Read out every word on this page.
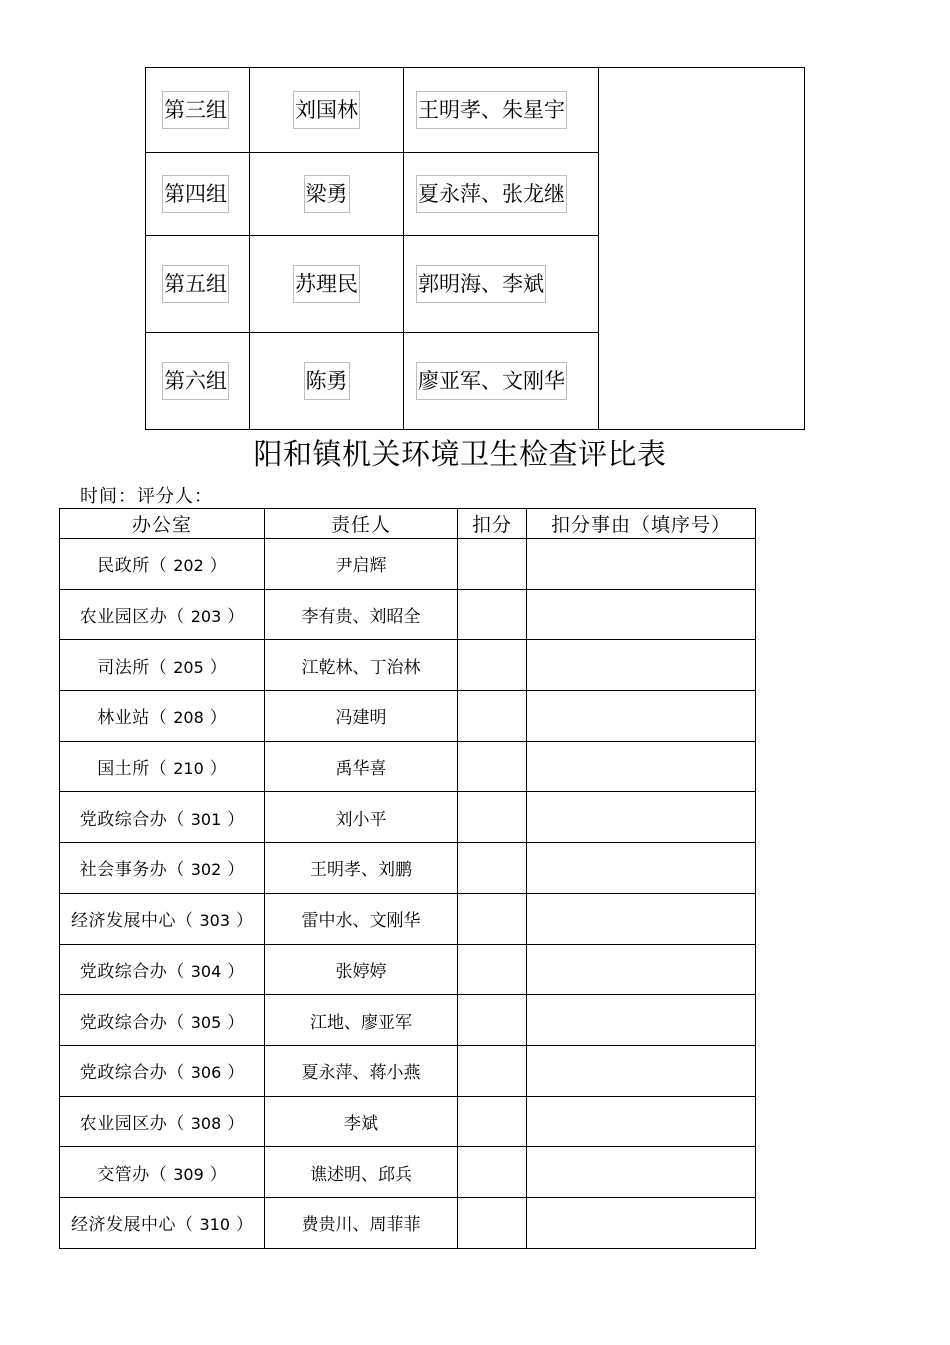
第三组	刘国林	王明孝、朱星宇	
第四组	梁勇	夏永萍、张龙继	
第五组	苏理民	郭明海、李斌	
第六组	陈勇	廖亚军、文刚华	
阳和镇机关环境卫生检查评比表
时间：评分人：
办公室	责任人	扣分	扣分事由（填序号）
民政所（ 202 ）	尹启辉		
农业园区办（ 203 ）	李有贵、刘昭全		
司法所（ 205 ）	江乾林、丁治林		
林业站（ 208 ）	冯建明		
国土所（ 210 ）	禹华喜		
党政综合办（ 301 ）	刘小平		
社会事务办（ 302 ）	王明孝、刘鹏		
经济发展中心（ 303 ）	雷中水、文刚华		
党政综合办（ 304 ）	张婷婷		
党政综合办（ 305 ）	江地、廖亚军		
党政综合办（ 306 ）	夏永萍、蒋小燕		
农业园区办（ 308 ）	李斌		
交管办（ 309 ）	谯述明、邱兵		
经济发展中心（ 310 ）	费贵川、周菲菲		
